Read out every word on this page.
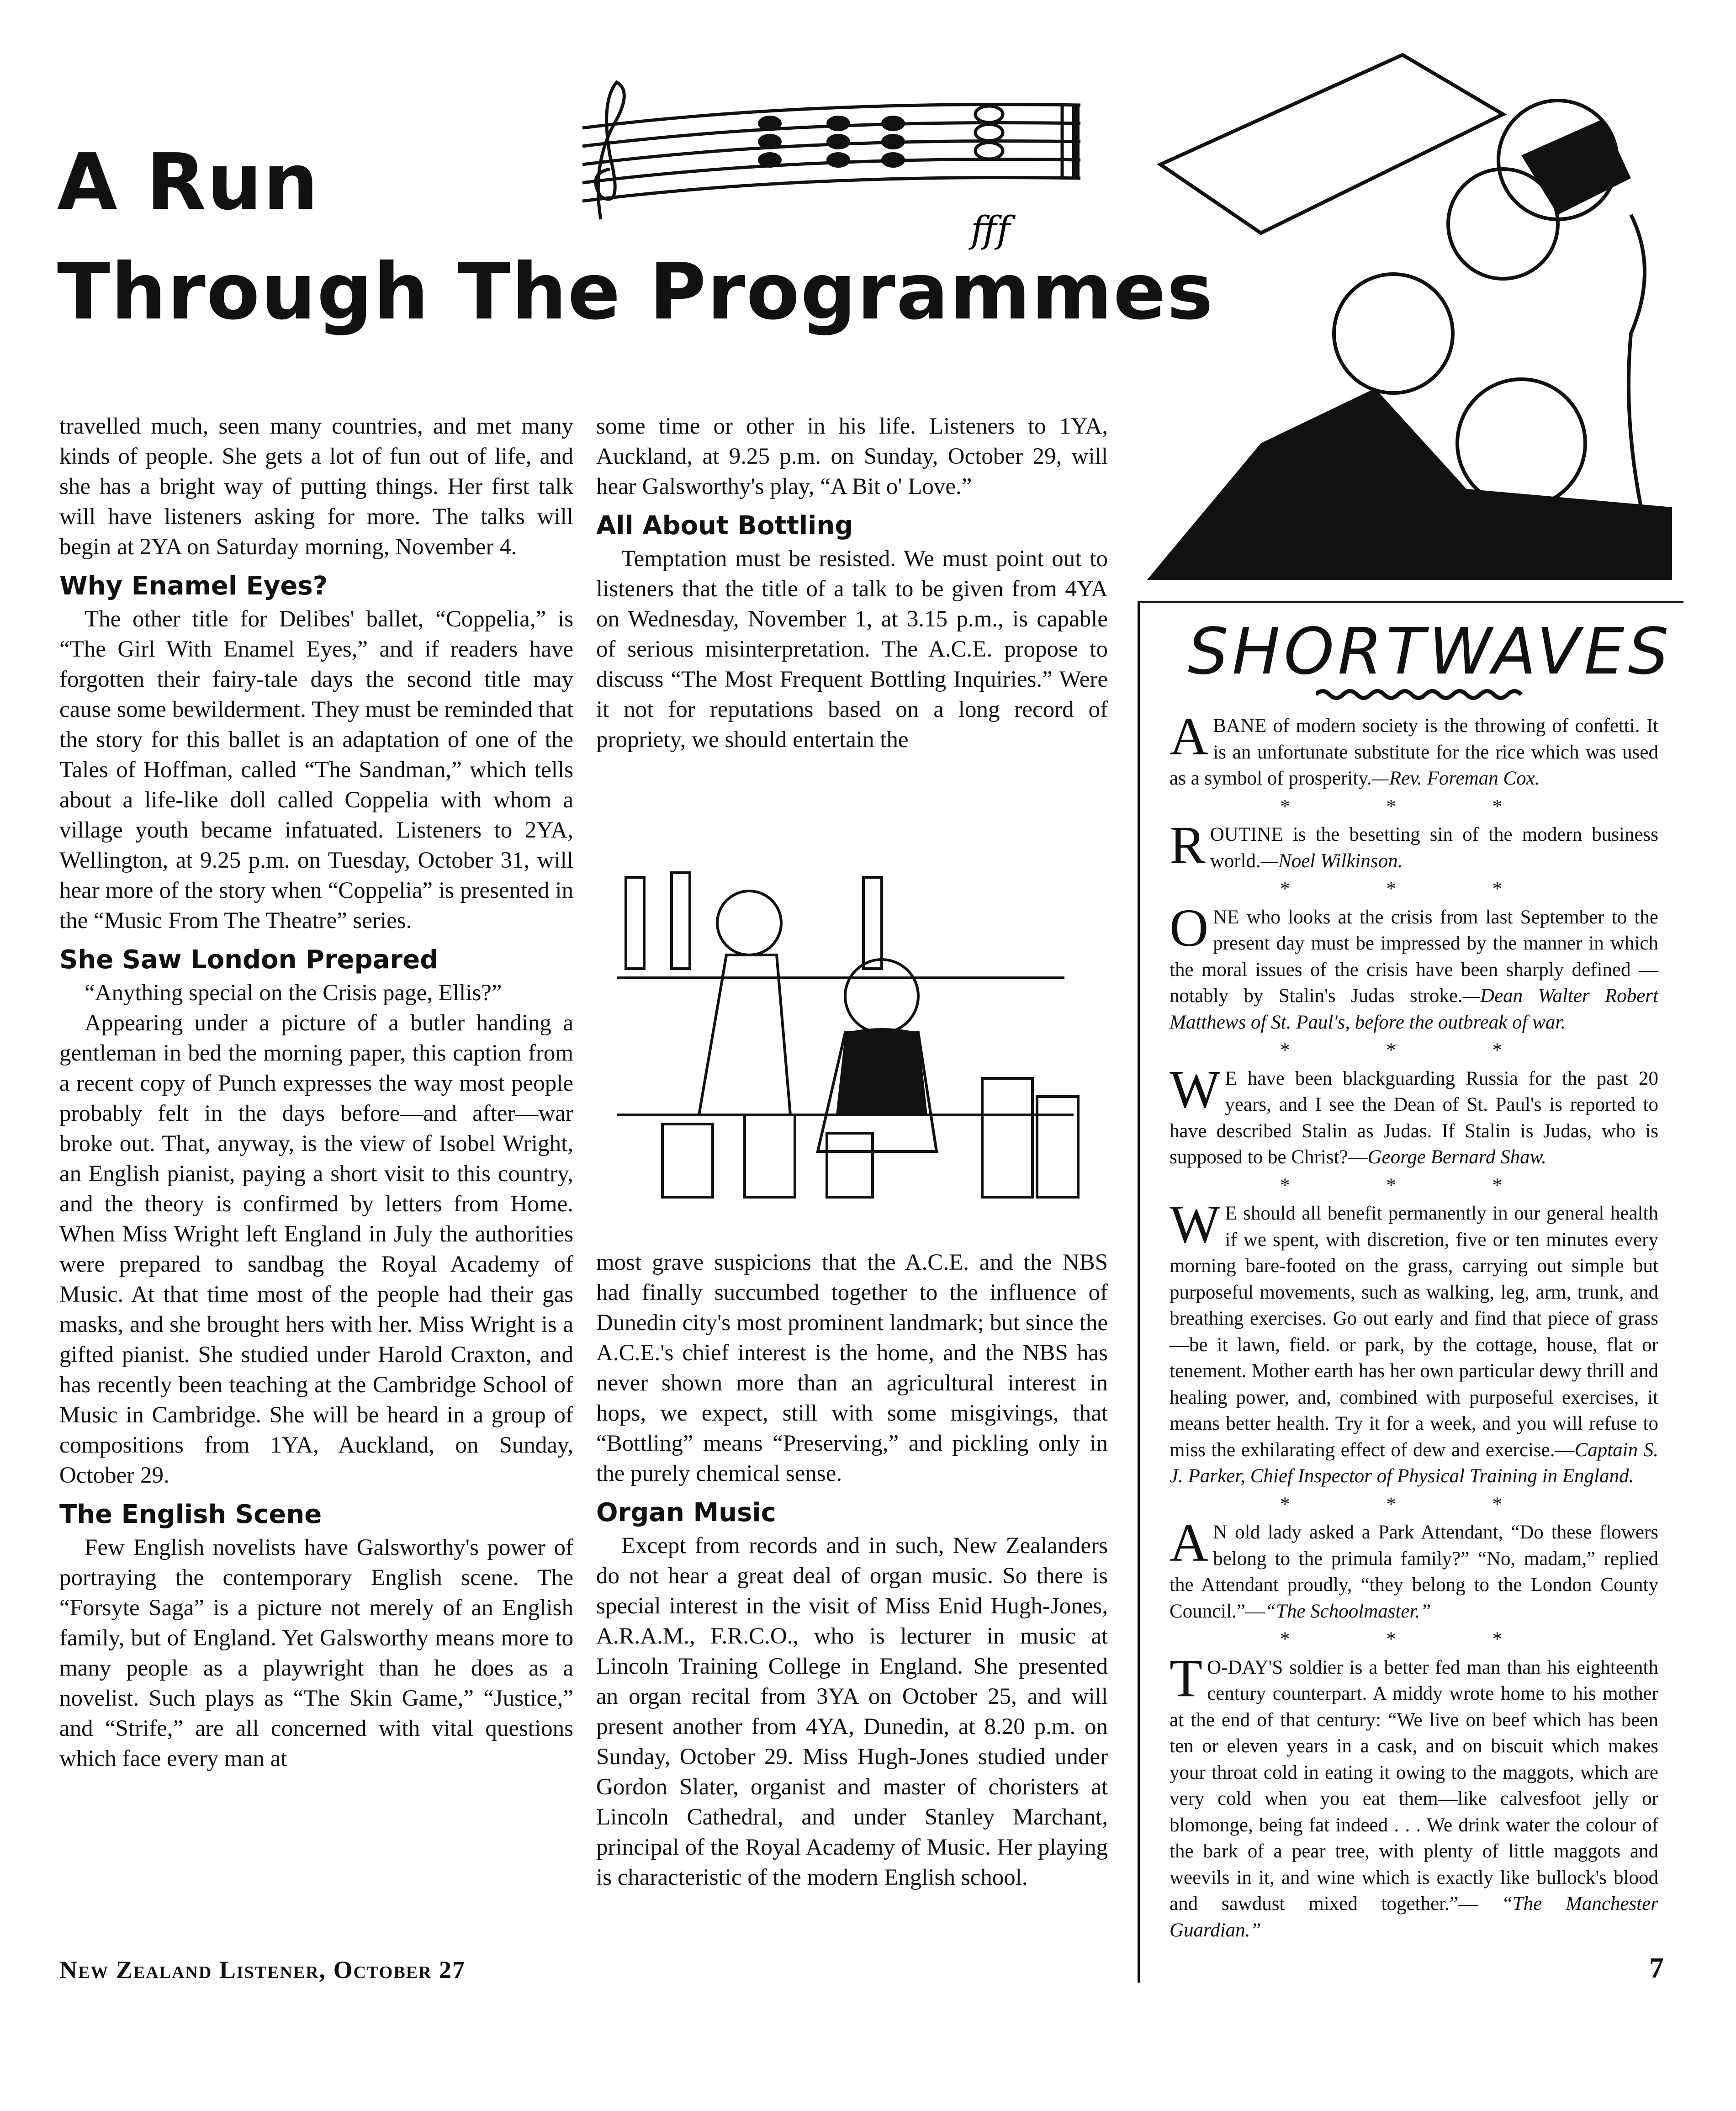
A Run
Through The Programmes
fff

travelled much, seen many countries, and met many kinds of people. She gets a lot of fun out of life, and she has a bright way of putting things. Her first talk will have listeners asking for more. The talks will begin at 2YA on Saturday morning, November 4.

Why Enamel Eyes?

The other title for Delibes' ballet, “Coppelia,” is “The Girl With Enamel Eyes,” and if readers have forgotten their fairy-tale days the second title may cause some bewilderment. They must be reminded that the story for this ballet is an adaptation of one of the Tales of Hoffman, called “The Sandman,” which tells about a life-like doll called Coppelia with whom a village youth became infatuated. Listeners to 2YA, Wellington, at 9.25 p.m. on Tuesday, October 31, will hear more of the story when “Coppelia” is presented in the “Music From The Theatre” series.

She Saw London Prepared

“Anything special on the Crisis page, Ellis?”

Appearing under a picture of a butler handing a gentleman in bed the morning paper, this caption from a recent copy of Punch expresses the way most people probably felt in the days before—and after—war broke out. That, anyway, is the view of Isobel Wright, an English pianist, paying a short visit to this country, and the theory is confirmed by letters from Home. When Miss Wright left England in July the authorities were prepared to sandbag the Royal Academy of Music. At that time most of the people had their gas masks, and she brought hers with her. Miss Wright is a gifted pianist. She studied under Harold Craxton, and has recently been teaching at the Cambridge School of Music in Cambridge. She will be heard in a group of compositions from 1YA, Auckland, on Sunday, October 29.

The English Scene

Few English novelists have Galsworthy's power of portraying the contemporary English scene. The “Forsyte Saga” is a picture not merely of an English family, but of England. Yet Galsworthy means more to many people as a playwright than he does as a novelist. Such plays as “The Skin Game,” “Justice,” and “Strife,” are all concerned with vital questions which face every man at

some time or other in his life. Listeners to 1YA, Auckland, at 9.25 p.m. on Sunday, October 29, will hear Galsworthy's play, “A Bit o' Love.”

All About Bottling

Temptation must be resisted. We must point out to listeners that the title of a talk to be given from 4YA on Wednesday, November 1, at 3.15 p.m., is capable of serious misinterpretation. The A.C.E. propose to discuss “The Most Frequent Bottling Inquiries.” Were it not for reputations based on a long record of propriety, we should entertain the

most grave suspicions that the A.C.E. and the NBS had finally succumbed together to the influence of Dunedin city's most prominent landmark; but since the A.C.E.'s chief interest is the home, and the NBS has never shown more than an agricultural interest in hops, we expect, still with some misgivings, that “Bottling” means “Preserving,” and pickling only in the purely chemical sense.

Organ Music

Except from records and in such, New Zealanders do not hear a great deal of organ music. So there is special interest in the visit of Miss Enid Hugh-Jones, A.R.A.M., F.R.C.O., who is lecturer in music at Lincoln Training College in England. She presented an organ recital from 3YA on October 25, and will present another from 4YA, Dunedin, at 8.20 p.m. on Sunday, October 29. Miss Hugh-Jones studied under Gordon Slater, organist and master of choristers at Lincoln Cathedral, and under Stanley Marchant, principal of the Royal Academy of Music. Her playing is characteristic of the modern English school.

SHORTWAVES

ABANE of modern society is the throwing of confetti. It is an unfortunate substitute for the rice which was used as a symbol of prosperity.—Rev. Foreman Cox.

* * *

ROUTINE is the besetting sin of the modern business world.—Noel Wilkinson.

* * *

ONE who looks at the crisis from last September to the present day must be impressed by the manner in which the moral issues of the crisis have been sharply defined — notably by Stalin's Judas stroke.—Dean Walter Robert Matthews of St. Paul's, before the outbreak of war.

* * *

W E have been blackguarding Russia for the past 20 years, and I see the Dean of St. Paul's is reported to have described Stalin as Judas. If Stalin is Judas, who is supposed to be Christ?—George Bernard Shaw.

* * *

W E should all benefit permanently in our general health if we spent, with discretion, five or ten minutes every morning bare-footed on the grass, carrying out simple but purposeful movements, such as walking, leg, arm, trunk, and breathing exercises. Go out early and find that piece of grass —be it lawn, field. or park, by the cottage, house, flat or tenement. Mother earth has her own particular dewy thrill and healing power, and, combined with purposeful exercises, it means better health. Try it for a week, and you will refuse to miss the exhilarating effect of dew and exercise.—Captain S. J. Parker, Chief Inspector of Physical Training in England.

* * *

A N old lady asked a Park Attendant, “Do these flowers belong to the primula family?” “No, madam,” replied the Attendant proudly, “they belong to the London County Council.”—“The Schoolmaster.”

* * *

T O-DAY'S soldier is a better fed man than his eighteenth century counterpart. A middy wrote home to his mother at the end of that century: “We live on beef which has been ten or eleven years in a cask, and on biscuit which makes your throat cold in eating it owing to the maggots, which are very cold when you eat them—like calvesfoot jelly or blomonge, being fat indeed . . . We drink water the colour of the bark of a pear tree, with plenty of little maggots and weevils in it, and wine which is exactly like bullock's blood and sawdust mixed together.”— “The Manchester Guardian.”

New Zealand Listener, October 27	7
